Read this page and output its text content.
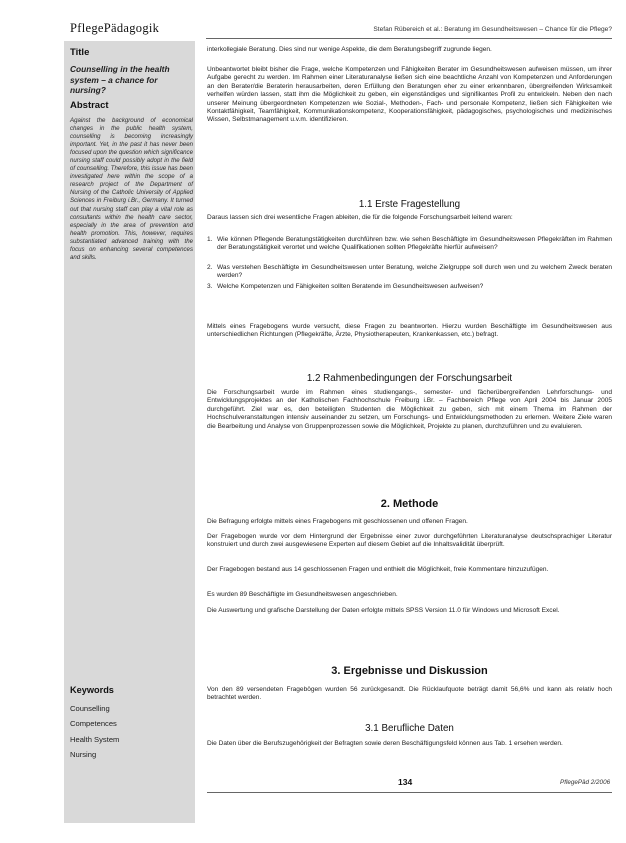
PflegePädagogik	Stefan Rübereich et al.: Beratung im Gesundheitswesen – Chance für die Pflege?
Title
Counselling in the health system – a chance for nursing?
Abstract
Against the background of economical changes in the public health system, counselling is becoming increasingly important. Yet, in the past it has never been focused upon the question which significance nursing staff could possibly adopt in the field of counselling. Therefore, this issue has been investigated here within the scope of a research project of the Department of Nursing of the Catholic University of Applied Sciences in Freiburg i.Br., Germany. It turned out that nursing staff can play a vital role as consultants within the health care sector, especially in the area of prevention and health promotion. This, however, requires substantiated advanced training with the focus on enhancing several competences and skills.
Keywords
Counselling
Competences
Health System
Nursing

interkollegiale Beratung. Dies sind nur wenige Aspekte, die dem Beratungsbegriff zugrunde liegen.

Unbeantwortet bleibt bisher die Frage, welche Kompetenzen und Fähigkeiten Berater im Gesundheitswesen aufweisen müssen, um ihrer Aufgabe gerecht zu werden. Im Rahmen einer Literaturanalyse ließen sich eine beachtliche Anzahl von Kompetenzen und Anforderungen an den Berater/die Beraterin herausarbeiten, deren Erfüllung den Beratungen eher zu einer erkennbaren, übergreifenden Wirksamkeit verhelfen würden lassen, statt ihm die Möglichkeit zu geben, ein eigenständiges und signifikantes Profil zu entwickeln. Neben den nach unserer Meinung übergeordneten Kompetenzen wie Sozial-, Methoden-, Fach- und personale Kompetenz, ließen sich Fähigkeiten wie Kontaktfähigkeit, Teamfähigkeit, Kommunikationskompetenz, Kooperationsfähigkeit, pädagogisches, psychologisches und medizinisches Wissen, Selbstmanagement u.v.m. identifizieren.

1.1 Erste Fragestellung

Daraus lassen sich drei wesentliche Fragen ableiten, die für die folgende Forschungsarbeit leitend waren:

1. Wie können Pflegende Beratungstätigkeiten durchführen bzw. wie sehen Beschäftigte im Gesundheitswesen Pflegekräften im Rahmen der Beratungstätigkeit verortet und welche Qualifikationen sollten Pflegekräfte hierfür aufweisen?
2. Was verstehen Beschäftigte im Gesundheitswesen unter Beratung, welche Zielgruppe soll durch wen und zu welchem Zweck beraten werden?
3. Welche Kompetenzen und Fähigkeiten sollten Beratende im Gesundheitswesen aufweisen?

Mittels eines Fragebogens wurde versucht, diese Fragen zu beantworten. Hierzu wurden Beschäftigte im Gesundheitswesen aus unterschiedlichen Richtungen (Pflegekräfte, Ärzte, Physiotherapeuten, Krankenkassen, etc.) befragt.

1.2 Rahmenbedingungen der Forschungsarbeit

Die Forschungsarbeit wurde im Rahmen eines studiengangs-, semester- und fächerübergreifenden Lehrforschungs- und Entwicklungsprojektes an der Katholischen Fachhochschule Freiburg i.Br. – Fachbereich Pflege von April 2004 bis Januar 2005 durchgeführt. Ziel war es, den beteiligten Studenten die Möglichkeit zu geben, sich mit einem Thema im Rahmen der Hochschulveranstaltungen intensiv auseinander zu setzen, um Forschungs- und Entwicklungsmethoden zu erlernen. Weitere Ziele waren die Bearbeitung und Analyse von Gruppenprozessen sowie die Möglichkeit, Projekte zu planen, durchzuführen und zu evaluieren.

2. Methode

Die Befragung erfolgte mittels eines Fragebogens mit geschlossenen und offenen Fragen.

Der Fragebogen wurde vor dem Hintergrund der Ergebnisse einer zuvor durchgeführten Literaturanalyse deutschsprachiger Literatur konstruiert und durch zwei ausgewiesene Experten auf diesem Gebiet auf die Inhaltsvalidität überprüft.

Der Fragebogen bestand aus 14 geschlossenen Fragen und enthielt die Möglichkeit, freie Kommentare hinzuzufügen.

Es wurden 89 Beschäftigte im Gesundheitswesen angeschrieben.

Die Auswertung und grafische Darstellung der Daten erfolgte mittels SPSS Version 11.0 für Windows und Microsoft Excel.

3. Ergebnisse und Diskussion

Von den 89 versendeten Fragebögen wurden 56 zurückgesandt. Die Rücklaufquote beträgt damit 56,6% und kann als relativ hoch betrachtet werden.

3.1 Berufliche Daten

Die Daten über die Berufszugehörigkeit der Befragten sowie deren Beschäftigungsfeld können aus Tab. 1 ersehen werden.

134	PflegePäd 2/2006
